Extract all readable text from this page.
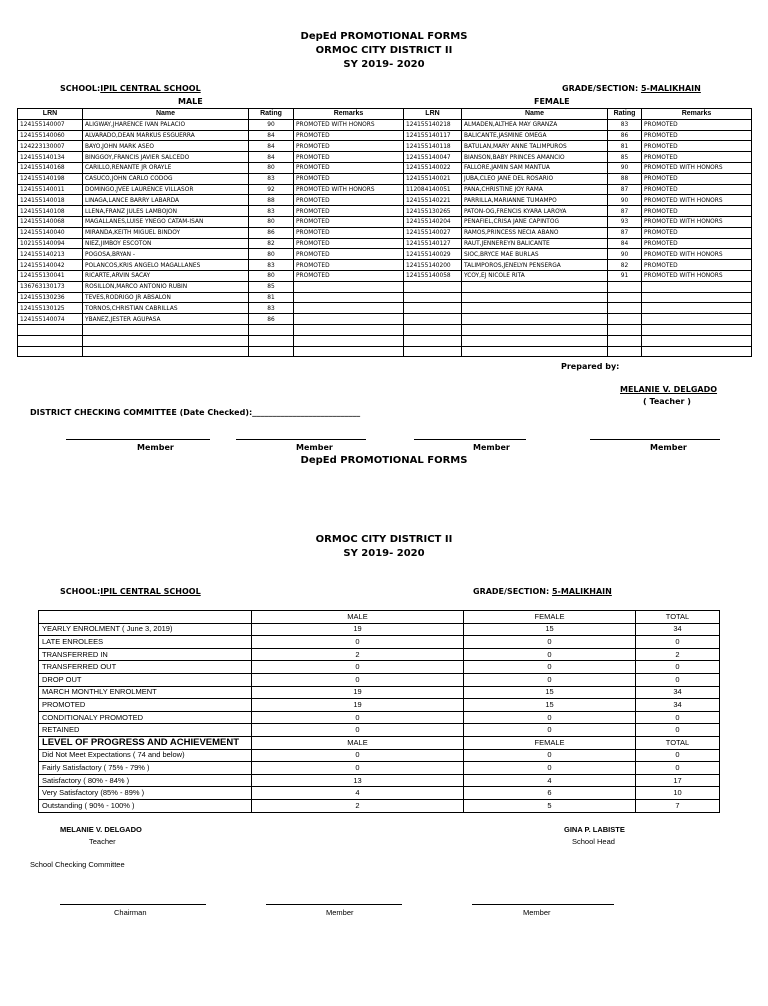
DepEd PROMOTIONAL FORMS
ORMOC CITY DISTRICT II
SY 2019- 2020
SCHOOL:IPIL CENTRAL SCHOOL	GRADE/SECTION: 5-MALIKHAIN
MALE	FEMALE
LRN	Name	Rating	Remarks	LRN	Name	Rating	Remarks
124155140007	ALIGWAY,JHARENCE IVAN PALACIO	90	PROMOTED WITH HONORS	124155140218	ALMADEN,ALTHEA MAY GRANZA	83	PROMOTED
124155140060	ALVARADO,DEAN MARKUS ESGUERRA	84	PROMOTED	124155140117	BALICANTE,JASMINE OMEGA	86	PROMOTED
124223130007	BAYO,JOHN MARK ASEO	84	PROMOTED	124155140118	BATULAN,MARY ANNE TALIMPUROS	81	PROMOTED
124155140134	BINGGOY,FRANCIS JAVIER SALCEDO	84	PROMOTED	124155140047	BIANSON,BABY PRINCES AMANCIO	85	PROMOTED
124155140168	CARILLO,RENANTE JR ORAYLE	80	PROMOTED	124155140022	FALLORE,JAMIN SAM MANTUA	90	PROMOTED WITH HONORS
124155140198	CASUCO,JOHN CARLO CODOG	83	PROMOTED	124155140021	JUBA,CLEO JANE DEL ROSARIO	88	PROMOTED
124155140011	DOMINGO,JVEE LAURENCE VILLASOR	92	PROMOTED WITH HONORS	112084140051	PANA,CHRISTINE JOY RAMA	87	PROMOTED
124155140018	LINAGA,LANCE BARRY LABARDA	88	PROMOTED	124155140221	PARRILLA,MARIANNE TUMAMPO	90	PROMOTED WITH HONORS
124155140108	LLENA,FRANZ JULES LAMBOJON	83	PROMOTED	124155130265	PATON-OG,FRENCIS KYARA LAROYA	87	PROMOTED
124155140068	MAGALLANES,LUISE YNEGO CATAM-ISAN	80	PROMOTED	124155140204	PENAFIEL,CRISA JANE CAPINTOG	93	PROMOTED WITH HONORS
124155140040	MIRANDA,KEITH MIGUEL BINDOY	86	PROMOTED	124155140027	RAMOS,PRINCESS NECIA ABANO	87	PROMOTED
102155140094	NIEZ,JIMBOY ESCOTON	82	PROMOTED	124155140127	RAUT,JENNEREYN BALICANTE	84	PROMOTED
124155140213	POGOSA,BRYAN -	80	PROMOTED	124155140029	SIOC,BRYCE MAE BURLAS	90	PROMOTED WITH HONORS
124155140042	POLANCOS,KRIS ANGELO MAGALLANES	83	PROMOTED	124155140200	TALIMPOROS,JENELYN PENSERGA	82	PROMOTED
124155130041	RICARTE,ARVIN SACAY	80	PROMOTED	124155140058	YCOY,EJ NICOLE RITA	91	PROMOTED WITH HONORS
136763130173	ROSILLON,MARCO ANTONIO RUBIN	85					
124155130236	TEVES,RODRIGO JR ABSALON	81					
124155130125	TORNOS,CHRISTIAN CABRILLAS	83					
124155140074	YBANEZ,JESTER AGUPASA	86					

Prepared by:
MELANIE V. DELGADO
( Teacher )
DISTRICT CHECKING COMMITTEE (Date Checked):___________________________
Member	Member	Member	Member
DepEd PROMOTIONAL FORMS
ORMOC CITY DISTRICT II
SY 2019- 2020
SCHOOL:IPIL CENTRAL SCHOOL	GRADE/SECTION: 5-MALIKHAIN
	MALE	FEMALE	TOTAL
YEARLY ENROLMENT ( June 3, 2019)	19	15	34
LATE ENROLEES	0	0	0
TRANSFERRED IN	2	0	2
TRANSFERRED OUT	0	0	0
DROP OUT	0	0	0
MARCH MONTHLY ENROLMENT	19	15	34
PROMOTED	19	15	34
CONDITIONALY PROMOTED	0	0	0
RETAINED	0	0	0
LEVEL OF PROGRESS AND ACHIEVEMENT	MALE	FEMALE	TOTAL
Did Not Meet Expectations ( 74 and below)	0	0	0
Fairly Satisfactory ( 75% - 79% )	0	0	0
Satisfactory ( 80% - 84% )	13	4	17
Very Satisfactory (85% - 89% )	4	6	10
Outstanding ( 90% - 100% )	2	5	7
MELANIE V. DELGADO
Teacher
GINA P. LABISTE
School Head
School Checking Committee
Chairman	Member	Member
